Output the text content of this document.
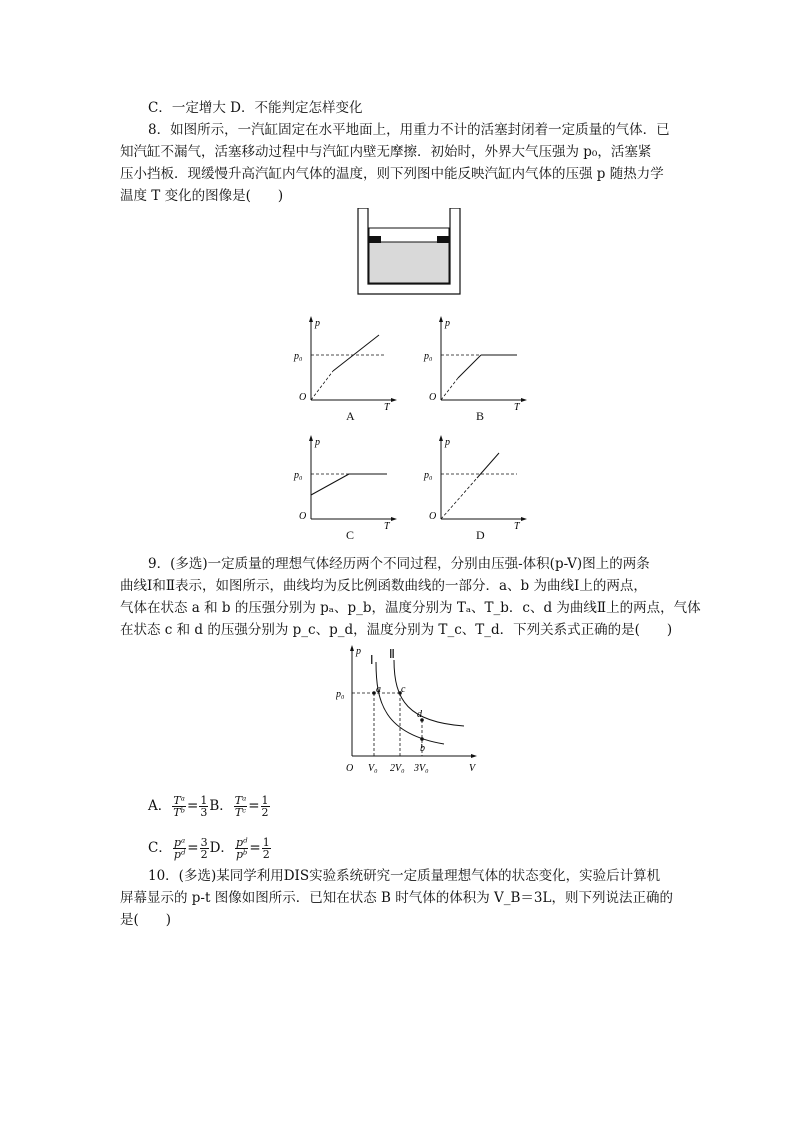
C．一定增大 D．不能判定怎样变化
8．如图所示，一汽缸固定在水平地面上，用重力不计的活塞封闭着一定质量的气体．已
知汽缸不漏气，活塞移动过程中与汽缸内壁无摩擦．初始时，外界大气压强为 p₀，活塞紧
压小挡板．现缓慢升高汽缸内气体的温度，则下列图中能反映汽缸内气体的压强 p 随热力学
温度 T 变化的图像是(　　)
p
T
O
p₀
A
p
T
O
p₀
B
p
T
O
p₀
C
p
T
O
p₀
D
9．(多选)一定质量的理想气体经历两个不同过程，分别由压强-体积(p-V)图上的两条
曲线Ⅰ和Ⅱ表示，如图所示，曲线均为反比例函数曲线的一部分．a、b 为曲线Ⅰ上的两点，
气体在状态 a 和 b 的压强分别为 pₐ、p_b，温度分别为 Tₐ、T_b．c、d 为曲线Ⅱ上的两点，气体
在状态 c 和 d 的压强分别为 p_c、p_d，温度分别为 T_c、T_d．下列关系式正确的是(　　)
p
V
O
p₀
Ⅰ Ⅱ
V₀ 2V₀ 3V₀
a
b
c
d
A． $\frac{\text{Tᵃ}}{\text{Tᵇ}} = \frac{1}{3}$ B． $\frac{\text{Tᵃ}}{\text{Tᶜ}} = \frac{1}{2}$
C． $\frac{\text{pᵃ}}{\text{pᵈ}} = \frac{3}{2}$ D． $\frac{\text{pᵈ}}{\text{pᵇ}} = \frac{1}{2}$
10．(多选)某同学利用DIS实验系统研究一定质量理想气体的状态变化，实验后计算机
屏幕显示的 p-t 图像如图所示．已知在状态 B 时气体的体积为 V_B＝3L，则下列说法正确的
是(　　)
